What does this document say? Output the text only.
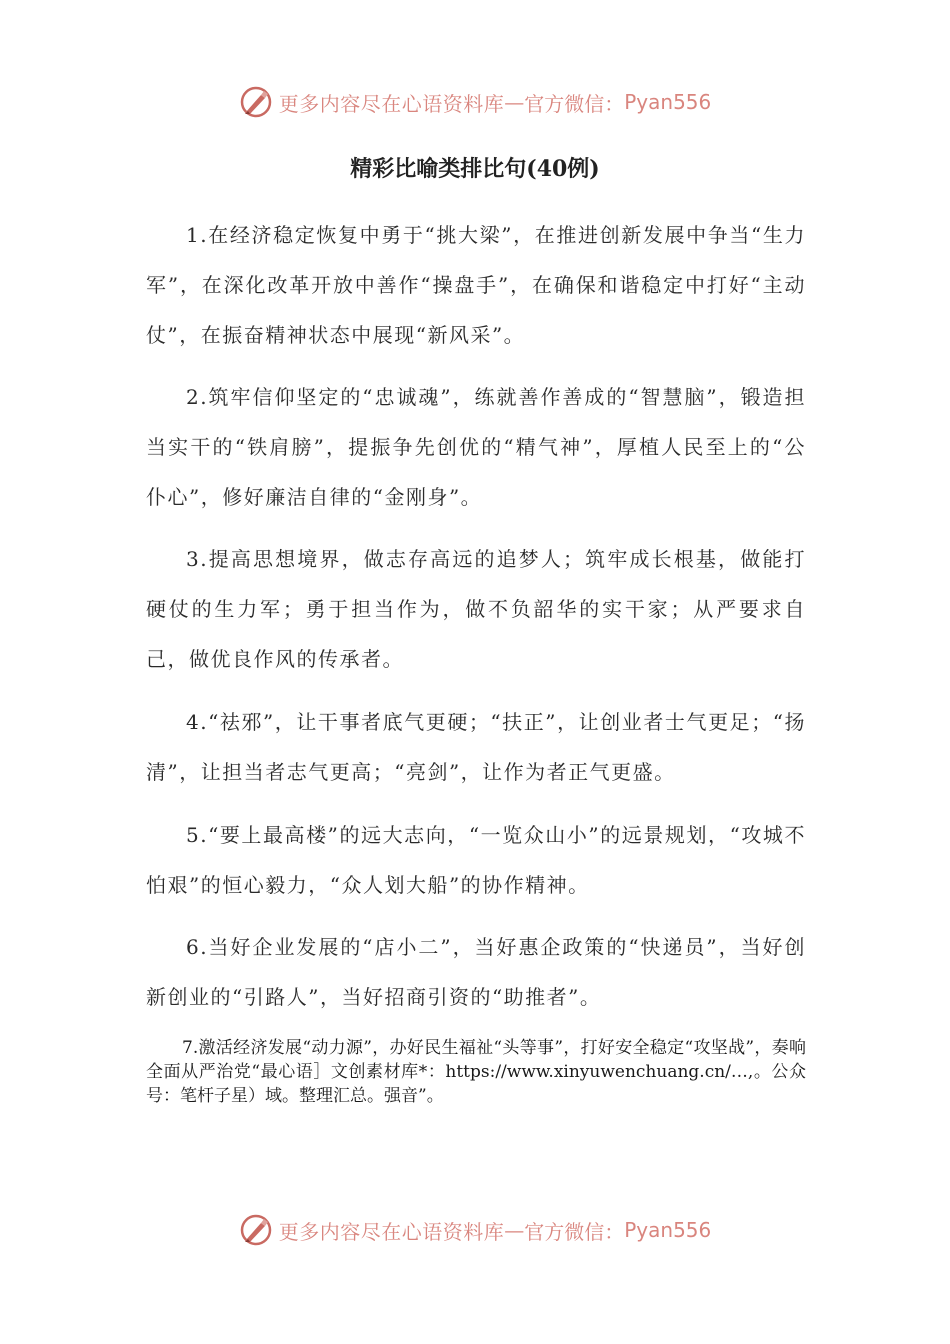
更多内容尽在心语资料库 — 官方微信： Pyan556
精彩比喻类排比句(40例)

1.在经济稳定恢复中勇于“挑大梁”，在推进创新发展中争当“生力军”，在深化改革开放中善作“操盘手”，在确保和谐稳定中打好“主动仗”，在振奋精神状态中展现“新风采”。

2.筑牢信仰坚定的“忠诚魂”，练就善作善成的“智慧脑”，锻造担当实干的“铁肩膀”，提振争先创优的“精气神”，厚植人民至上的“公仆心”，修好廉洁自律的“金刚身”。

3.提高思想境界，做志存高远的追梦人；筑牢成长根基，做能打硬仗的生力军；勇于担当作为，做不负韶华的实干家；从严要求自己，做优良作风的传承者。

4.“祛邪”，让干事者底气更硬；“扶正”，让创业者士气更足；“扬清”，让担当者志气更高；“亮剑”，让作为者正气更盛。

5.“要上最高楼”的远大志向，“一览众山小”的远景规划，“攻城不怕艰”的恒心毅力，“众人划大船”的协作精神。

6.当好企业发展的“店小二”，当好惠企政策的“快递员”，当好创新创业的“引路人”，当好招商引资的“助推者”。

7.激活经济发展“动力源”，办好民生福祉“头等事”，打好安全稳定“攻坚战”，奏响全面从严治党“最心语］文创素材库*：https://www.xinyuwenchuang.cn/…,。公众号：笔杆子星）域。整理汇总。强音”。

更多内容尽在心语资料库 — 官方微信： Pyan556
